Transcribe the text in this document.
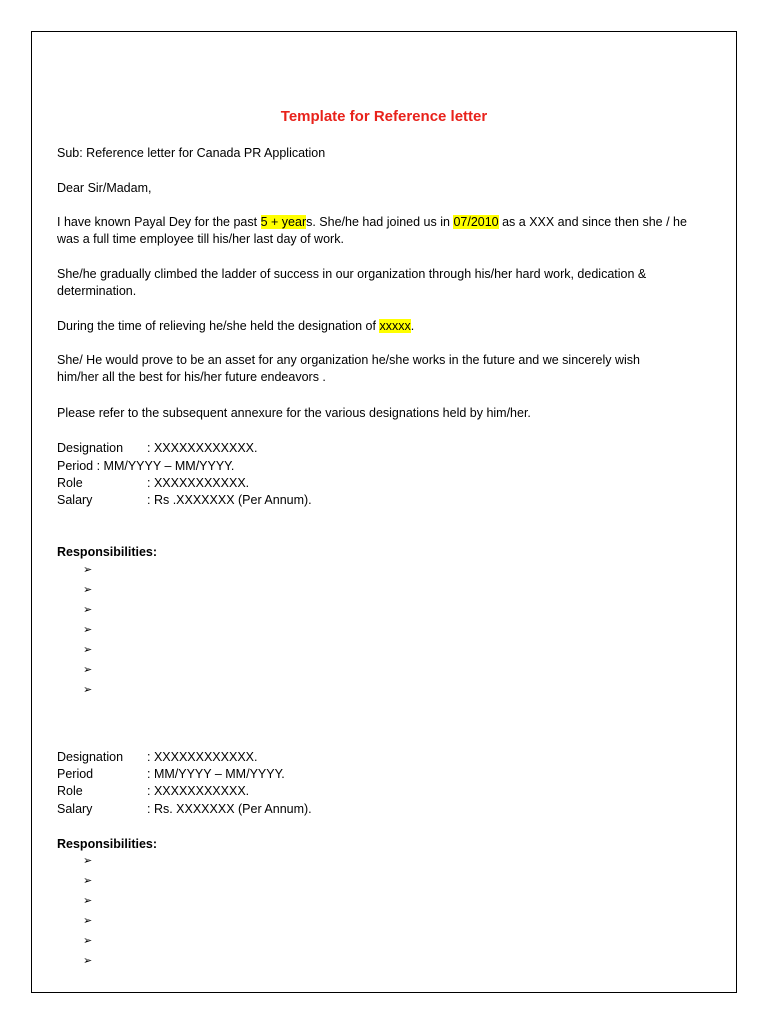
Template for Reference letter
Sub: Reference letter for Canada PR Application
Dear Sir/Madam,
I have known Payal Dey for the past 5 + years. She/he had joined us in 07/2010 as a XXX and since then she / he
was a full time employee till his/her last day of work.
She/he gradually climbed the ladder of success in our organization through his/her hard work, dedication &
determination.
During the time of relieving he/she held the designation of xxxxx.
She/ He would prove to be an asset for any organization he/she works in the future and we sincerely wish
him/her all the best for his/her future endeavors .
Please refer to the subsequent annexure for the various designations held by him/her.
Designation : XXXXXXXXXXXX.
Period : MM/YYYY – MM/YYYY.
Role	: XXXXXXXXXXX.
Salary	: Rs .XXXXXXX (Per Annum).
Responsibilities:
➢
➢
➢
➢
➢
➢
➢
Designation : XXXXXXXXXXXX.
Period	: MM/YYYY – MM/YYYY.
Role	: XXXXXXXXXXX.
Salary	: Rs. XXXXXXX (Per Annum).
Responsibilities:
➢
➢
➢
➢
➢
➢
